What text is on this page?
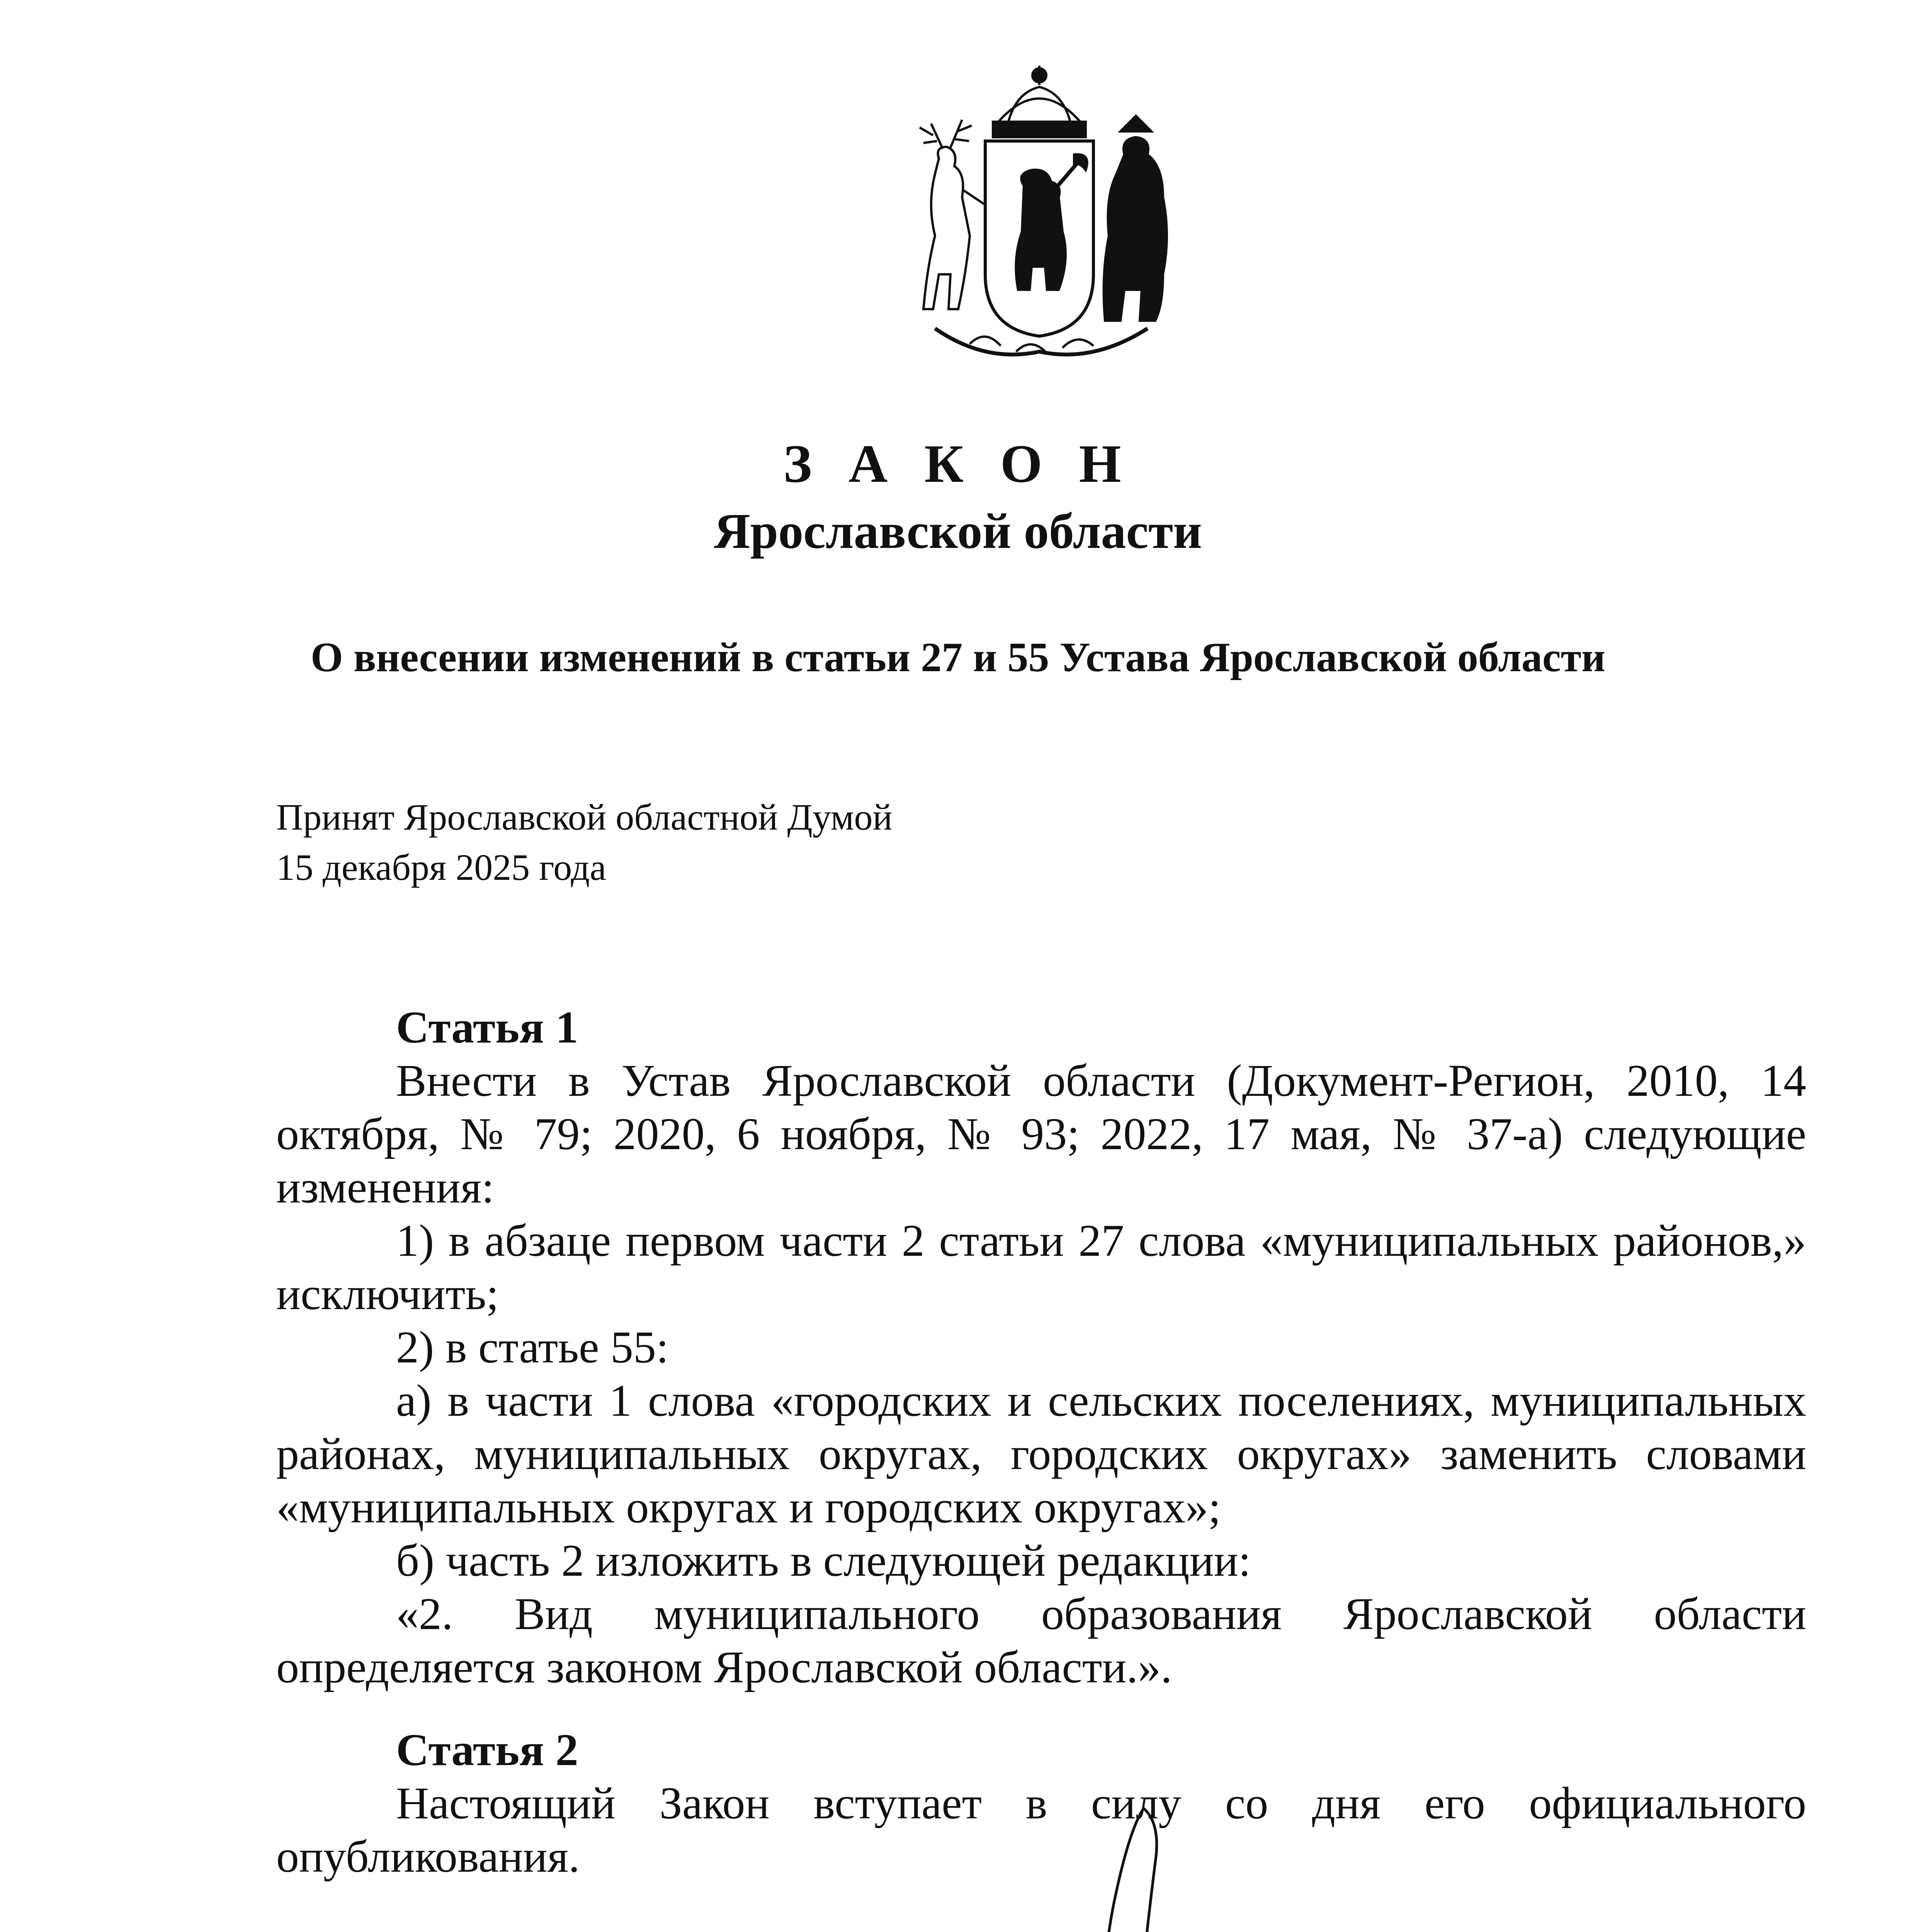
З А К О Н
Ярославской области
О внесении изменений в статьи 27 и 55 Устава Ярославской области
Принят Ярославской областной Думой
15 декабря 2025 года
Статья 1

Внести в Устав Ярославской области (Документ-Регион, 2010, 14 октября, № 79; 2020, 6 ноября, № 93; 2022, 17 мая, № 37-а) следующие изменения:

1) в абзаце первом части 2 статьи 27 слова «муниципальных районов,» исключить;

2) в статье 55:

а) в части 1 слова «городских и сельских поселениях, муниципальных районах, муниципальных округах, городских округах» заменить словами «муниципальных округах и городских округах»;

б) часть 2 изложить в следующей редакции:

«2. Вид муниципального образования Ярославской области определяется законом Ярославской области.».

Статья 2

Настоящий Закон вступает в силу со дня его официального опубликования.
